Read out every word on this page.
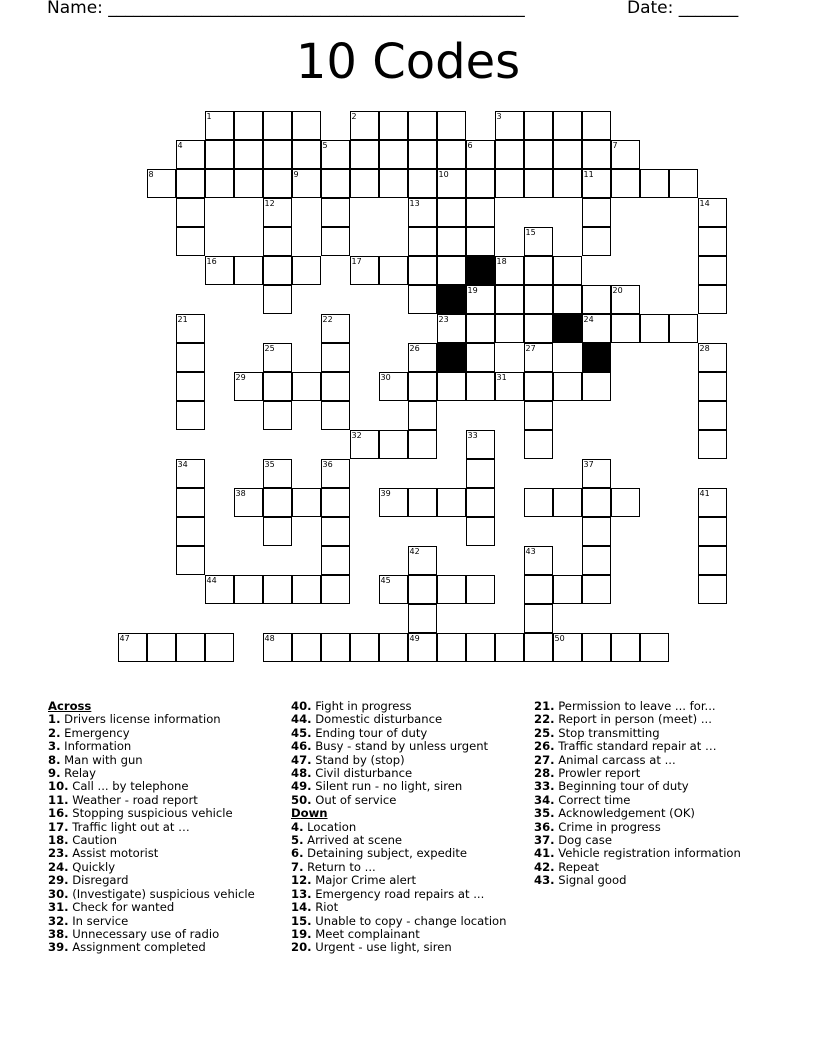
Name: _________________________________________________	Date: _______
10 Codes
1	2	3
4	5	6	7
8	9	10	11
12	13	14
15
16	17	18
19	20
21	22	23	24
25	26	27	28
29	30	31
32	33
34	35	36	37
38	39	41
42	43
44	45
47	48	49	50
Across
1. Drivers license information
2. Emergency
3. Information
8. Man with gun
9. Relay
10. Call ... by telephone
11. Weather - road report
16. Stopping suspicious vehicle
17. Traffic light out at …
18. Caution
23. Assist motorist
24. Quickly
29. Disregard
30. (Investigate) suspicious vehicle
31. Check for wanted
32. In service
38. Unnecessary use of radio
39. Assignment completed
40. Fight in progress
44. Domestic disturbance
45. Ending tour of duty
46. Busy - stand by unless urgent
47. Stand by (stop)
48. Civil disturbance
49. Silent run - no light, siren
50. Out of service
Down
4. Location
5. Arrived at scene
6. Detaining subject, expedite
7. Return to ...
12. Major Crime alert
13. Emergency road repairs at ...
14. Riot
15. Unable to copy - change location
19. Meet complainant
20. Urgent - use light, siren
21. Permission to leave ... for...
22. Report in person (meet) ...
25. Stop transmitting
26. Traffic standard repair at …
27. Animal carcass at ...
28. Prowler report
33. Beginning tour of duty
34. Correct time
35. Acknowledgement (OK)
36. Crime in progress
37. Dog case
41. Vehicle registration information
42. Repeat
43. Signal good
